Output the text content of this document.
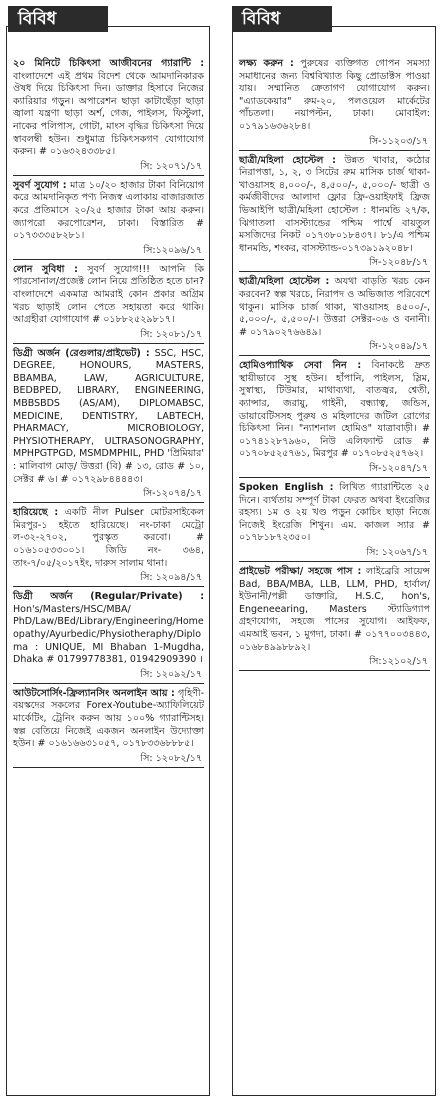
২০ মিনিটে চিকিৎসা আজীবনের গ্যারান্টি : বাংলাদেশে এই প্রথম বিদেশ থেকে আমদানিকারক ঔষধ দিয়ে চিকিৎসা দিন। ডাক্তার হিসাবে নিজের ক্যারিয়ার গড়ুন। অপারেশন ছাড়া কাটাছেঁড়া ছাড়া জ্বালা যন্ত্রণা ছাড়া অর্শ, গেজ, পাইলস, ফিস্টুলা, নাকের পলিপাস, গোটা, মাংস বৃদ্ধির চিকিৎসা দিয়ে স্বাবলম্বী হউন। শুধুমাত্র চিকিৎসকগণ যোগাযোগ করুন। # ০১৬৩২৪৩৩৮৫।

সি: ১২০৭১/১৭

সুবর্ণ সুযোগ : মাত্র ১০/২০ হাজার টাকা বিনিয়োগ করে আমদানিকৃত পণ্য নিজস্ব এলাকায় বাজারজাত করে প্রতিমাসে ২০/২৫ হাজার টাকা আয় করুন। জ্যাপরো করপোরেশন, ঢাকা। বিস্তারিত # ০১৭৩৩৩৫৮২৮১।

সি:১২০৯৬/১৭

লোন সুবিধা : সুবর্ণ সুযোগ!!! আপনি কি পারসোনাল/প্রজেক্ট লোন নিয়ে প্রতিষ্ঠিত হতে চান? বাংলাদেশে একমাত্র আমরাই কোন প্রকার অগ্রিম খরচ ছাড়াই লোন পেতে সহায়তা করে থাকি। আগ্রহীরা যোগাযোগ # ০১৮৮২৫২৯৮১৭।

সি: ১২০৮১/১৭

ডিগ্রী অর্জন (রেগুলার/প্রাইভেট) : SSC, HSC, DEGREE, HONOURS, MASTERS, BBAMBA, LAW, AGRICULTURE, BEDBPED, LIBRARY, ENGINEERING, MBBSBDS (AS/AM), DIPLOMABSC, MEDICINE, DENTISTRY, LABTECH, PHARMACY, MICROBIOLOGY, PHYSIOTHERAPY, ULTRASONOGRAPHY, MPHPGTPGD, MSMDMPHIL, PHD 'প্রিমিয়ার' : মালিবাগ মোড়/ উত্তরা (বি) # ১৩, রোড # ১০, সেক্টর # ৬। # ০১৭২৯৮৪৪৪৪৩।

সি-১২০৭৪/১৭

হারিয়েছে : একটি নীল Pulser মোটরসাইকেল মিরপুর-১ হইতে হারিয়েছে। নং-ঢাকা মেট্রো ল-৩২-২৭০২, পুরস্কৃত করবো। # ০১৬১০৫৩৩০০১। জিডি নং- ৩৬৪, তাং-৭/০৫/২০১৭ইং, দারুস সালাম থানা।

সি: ১২০৯৪/১৭

ডিগ্রী অর্জন (Regular/Private) : Hon's/Masters/HSC/MBA/ PhD/Law/BEd/Library/Engineering/Homeopathy/Ayurbedic/Physiotheraphy/Diploma : UNIQUE, MI Bhaban 1-Mugdha, Dhaka # 01799778381, 01942909390 ।

সি: ১২০৯২/১৭

আউটসোর্সিং-ফ্রিল্যানসিং অনলাইন আয় : গৃহিণী-বয়স্কদের সকলের Forex-Youtube-অ্যাফিলিয়েট মার্কেটিং, ট্রেনিং করুন আয় ১০০% গ্যারান্টিসহ। স্বল্প বেতিয়ে নিজেই একজন অনলাইন উদ্যোক্তা হউন। # ০১৬১৬৬৩১০৫৭, ০১৭৮৩৩৬৮৮৮৫।

সি: ১২০৮২/১৭

লক্ষ্য করুন : পুরুষের ব্যক্তিগত গোপন সমস্যা সমাধানের জন্য বিশ্ববিখ্যাত কিছু প্রোডাক্টস পাওয়া যায়। সম্মানিত ক্রেতাগণ যোগাযোগ করুন। "এ্যাডকেয়ার" রুম-২০, পলওয়েল মার্কেটের পাঁচতলা। নয়াপল্টন, ঢাকা। মোবাইল: ০১৭৯১৬৩৬২৮৪।

সি-১১২০৩/১৭

ছাত্রী/মহিলা হোস্টেল : উন্নত খাবার, কঠোর নিরাপত্তা, ১, ২, ৩ সিটের রুম মাসিক চার্জ থাকা-খাওয়াসহ ৪,০০০/-, ৪,৫০০/-, ৫,০০০/- ছাত্রী ও কর্মজীবীদের আলাদা ফ্লোর ফ্রি-ওয়াইফাই ফ্রিজ ভিআইপি ছাত্রী/মহিলা হোস্টেল : ধানমন্ডি ২৭/ক, ঝিগাতলা বাসস্ট্যান্ডের পশ্চিম পার্শ্বে বায়তুল মসজিদের নিকট ০১৭৩৮০১৮৪৩৭। ৮১/এ পশ্চিম ধানমন্ডি, শংকর, বাসস্ট্যান্ড-০১৭৩৯১৯২০৪৮।

সি-১২০৪৮/১৭

ছাত্রী/মহিলা হোস্টেল : অযথা বাড়তি খরচ কেন করবেন? স্বল্প খরচে, নিরাপদ ও অভিজাত পরিবেশে থাকুন। মাসিক চার্জ থাকা, খাওয়াসহ ৪৫০০/-, ৫,০০০/-, ৫,৫০০/-। উত্তরা সেক্টর-০৬ ও বনানী। # ০১৭৯০২৭৬৬৪৯।

সি-১২০৪৯/১৭

হোমিওপ্যাথিক সেবা নিন : বিনাকষ্টে দ্রুত স্থায়ীভাবে সুস্থ হউন। হাঁপানি, পাইলস, স্লিম, সুস্বাস্থ্য, টিউমার, মাথাব্যথা, বাতজ্বর, শ্বেতী, ক্যান্সার, জরায়ু, গাইনী, বন্ধ্যাত্ব, জন্ডিস, ডায়াবেটিসসহ পুরুষ ও মহিলাদের জটিল রোগের চিকিৎসা নিন। "ন্যাশনাল হোমিও" যাত্রাবাড়ী। # ০১৭৪১২৮৭৯৬০, নিউ এলিফ্যান্ট রোড # ০১৭০৮৫২৫৭৬১, মিরপুর # ০১৭০৮৫২৫৭৬২।

সি-১২০৪৭/১৭

Spoken English : লিখিত গ্যারান্টিতে ২৫ দিনে। ব্যর্থতায় সম্পূর্ণ টাকা ফেরত অথবা ইংরেজির রহস্য। ১ম ও ২য় খণ্ড পড়ুন কোচিং ছাড়া নিজে নিজেই ইংরেজি শিখুন। এম. কাজল স্যার # ০১৭৮১৮৭২৩৫০।

সি: ১২০৬৭/১৭

প্রাইভেট পরীক্ষা/ সহজে পাস : লাইব্রেরি সায়েন্স Bad, BBA/MBA, LLB, LLM, PHD, হার্বাল/ইউনানী/পল্লী ডাক্তারি, H.S.C, hon's, Engeneearing, Masters স্ট্যাডিগ্যাপ গ্রহণযোগ্য, সহজে পাসের সুযোগ। আইফফ, এমআই ভবন, ১ মুগদা, ঢাকা। # ০১৭৭০০৩৪৪৩, ০১৬৮৪৯৯৮৮৯২।

সি:১২১০২/১৭
বিবিধ	বিবিধ
